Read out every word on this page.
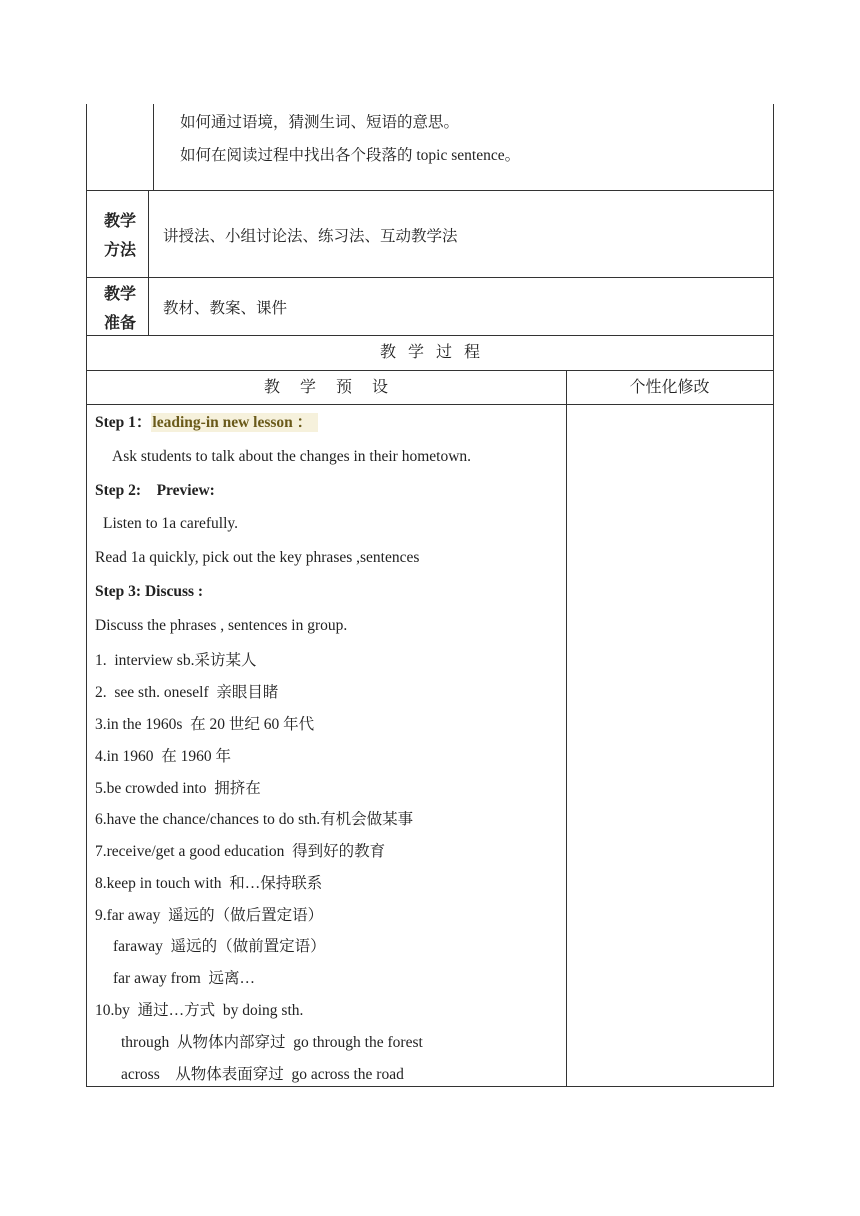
如何通过语境，猜测生词、短语的意思。
如何在阅读过程中找出各个段落的 topic sentence。
教学
方法
讲授法、小组讨论法、练习法、互动教学法
教学
准备
教材、教案、课件
教   学   过   程
教     学     预     设	个性化修改
Step 1：leading-in new lesson ：
Ask students to talk about the changes in their hometown.
Step 2:    Preview:
Listen to 1a carefully.
Read 1a quickly, pick out the key phrases ,sentences
Step 3: Discuss :
Discuss the phrases , sentences in group.
1.  interview sb.采访某人
2.  see sth. oneself  亲眼目睹
3.in the 1960s  在 20 世纪 60 年代
4.in 1960  在 1960 年
5.be crowded into  拥挤在
6.have the chance/chances to do sth.有机会做某事
7.receive/get a good education  得到好的教育
8.keep in touch with  和…保持联系
9.far away  遥远的（做后置定语）
faraway  遥远的（做前置定语）
far away from  远离…
10.by  通过…方式  by doing sth.
through  从物体内部穿过  go through the forest
across    从物体表面穿过  go across the road
